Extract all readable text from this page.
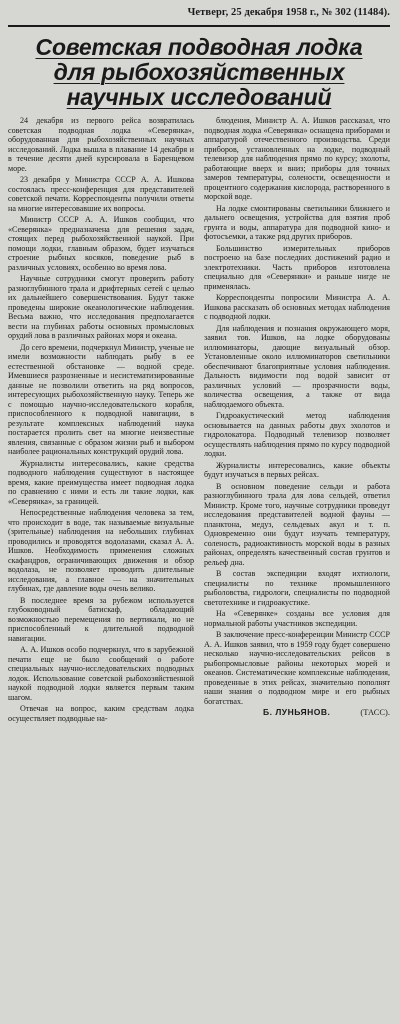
Четверг, 25 декабря 1958 г., № 302 (11484).
Советская подводная лодка
для рыбохозяйственных
научных исследований

24 декабря из первого рейса возвратилась советская подводная лодка «Северянка», оборудованная для рыбохозяйственных научных исследований. Лодка вышла в плавание 14 декабря и в течение десяти дней курсировала в Баренцевом море.

23 декабря у Министра СССР А. А. Ишкова состоялась пресс-конференция для представителей советской печати. Корреспонденты получили ответы на многие интересовавшие их вопросы.

Министр СССР А. А. Ишков сообщил, что «Северянка» предназначена для решения задач, стоящих перед рыбохозяйственной наукой. При помощи лодки, главным образом, будет изучаться строение рыбных косяков, поведение рыб в различных условиях, особенно во время лова.

Научные сотрудники смогут проверить работу разноглубинного трала и дрифтерных сетей с целью их дальнейшего совершенствования. Будут также проведены широкие океанологические наблюдения. Весьма важно, что исследования предполагается вести на глубинах работы основных промысловых орудий лова в различных районах моря и океана.

До сего времени, подчеркнул Министр, ученые не имели возможности наблюдать рыбу в ее естественной обстановке — водной среде. Имевшиеся разрозненные и несистематизированные данные не позволили ответить на ряд вопросов, интересующих рыбохозяйственную науку. Теперь же с помощью научно-исследовательского корабля, приспособленного к подводной навигации, в результате комплексных наблюдений наука постарается пролить свет на многие неизвестные явления, связанные с образом жизни рыб и выбором наиболее рациональных конструкций орудий лова.

Журналисты интересовались, какие средства подводного наблюдения существуют в настоящее время, какие преимущества имеет подводная лодка по сравнению с ними и есть ли такие лодки, как «Северянка», за границей.

Непосредственные наблюдения человека за тем, что происходит в воде, так называемые визуальные (зрительные) наблюдения на небольших глубинах проводились и проводятся водолазами, сказал А. А. Ишков. Необходимость применения сложных скафандров, ограничивающих движения и обзор водолаза, не позволяет проводить длительные исследования, а главное — на значительных глубинах, где давление воды очень велико.

В последнее время за рубежом используется глубоководный батискаф, обладающий возможностью перемещения по вертикали, но не приспособленный к длительной подводной навигации.

А. А. Ишков особо подчеркнул, что в зарубежной печати еще не было сообщений о работе специальных научно-исследовательских подводных лодок. Использование советской рыбохозяйственной наукой подводной лодки является первым таким шагом.

Отвечая на вопрос, каким средствам лодка осуществляет подводные на-

блюдения, Министр А. А. Ишков рассказал, что подводная лодка «Северянка» оснащена приборами и аппаратурой отечественного производства. Среди приборов, установленных на лодке, подводный телевизор для наблюдения прямо по курсу; эхолоты, работающие вверх и вниз; приборы для точных замеров температуры, солености, освещенности и процентного содержания кислорода, растворенного в морской воде.

На лодке смонтированы светильники ближнего и дальнего освещения, устройства для взятия проб грунта и воды, аппаратура для подводной кино- и фотосъемки, а также ряд других приборов.

Большинство измерительных приборов построено на базе последних достижений радио и электротехники. Часть приборов изготовлена специально для «Северянки» и раньше нигде не применялась.

Корреспонденты попросили Министра А. А. Ишкова рассказать об основных методах наблюдения с подводной лодки.

Для наблюдения и познания окружающего моря, заявил тов. Ишков, на лодке оборудованы иллюминаторы, дающие визуальный обзор. Установленные около иллюминаторов светильники обеспечивают благоприятные условия наблюдения. Дальность видимости под водой зависит от различных условий — прозрачности воды, количества освещения, а также от вида наблюдаемого объекта.

Гидроакустический метод наблюдения основывается на данных работы двух эхолотов и гидролокатора. Подводный телевизор позволяет осуществлять наблюдения прямо по курсу подводной лодки.

Журналисты интересовались, какие объекты будут изучаться в первых рейсах.

В основном поведение сельди и работа разноглубинного трала для лова сельдей, ответил Министр. Кроме того, научные сотрудники проведут исследования представителей водной фауны — планктона, медуз, сельдевых акул и т. п. Одновременно они будут изучать температуру, соленость, радиоактивность морской воды в разных районах, определять качественный состав грунтов и рельеф дна.

В состав экспедиции входят ихтиологи, специалисты по технике промышленного рыболовства, гидрологи, специалисты по подводной светотехнике и гидроакустике.

На «Северянке» созданы все условия для нормальной работы участников экспедиции.

В заключение пресс-конференции Министр СССР А. А. Ишков заявил, что в 1959 году будет совершено несколько научно-исследовательских рейсов в рыбопромысловые районы некоторых морей и океанов. Систематические комплексные наблюдения, проведенные в этих рейсах, значительно пополнят наши знания о подводном мире и его рыбных богатствах.

Б. ЛУНЬЯНОВ.	(ТАСС).
